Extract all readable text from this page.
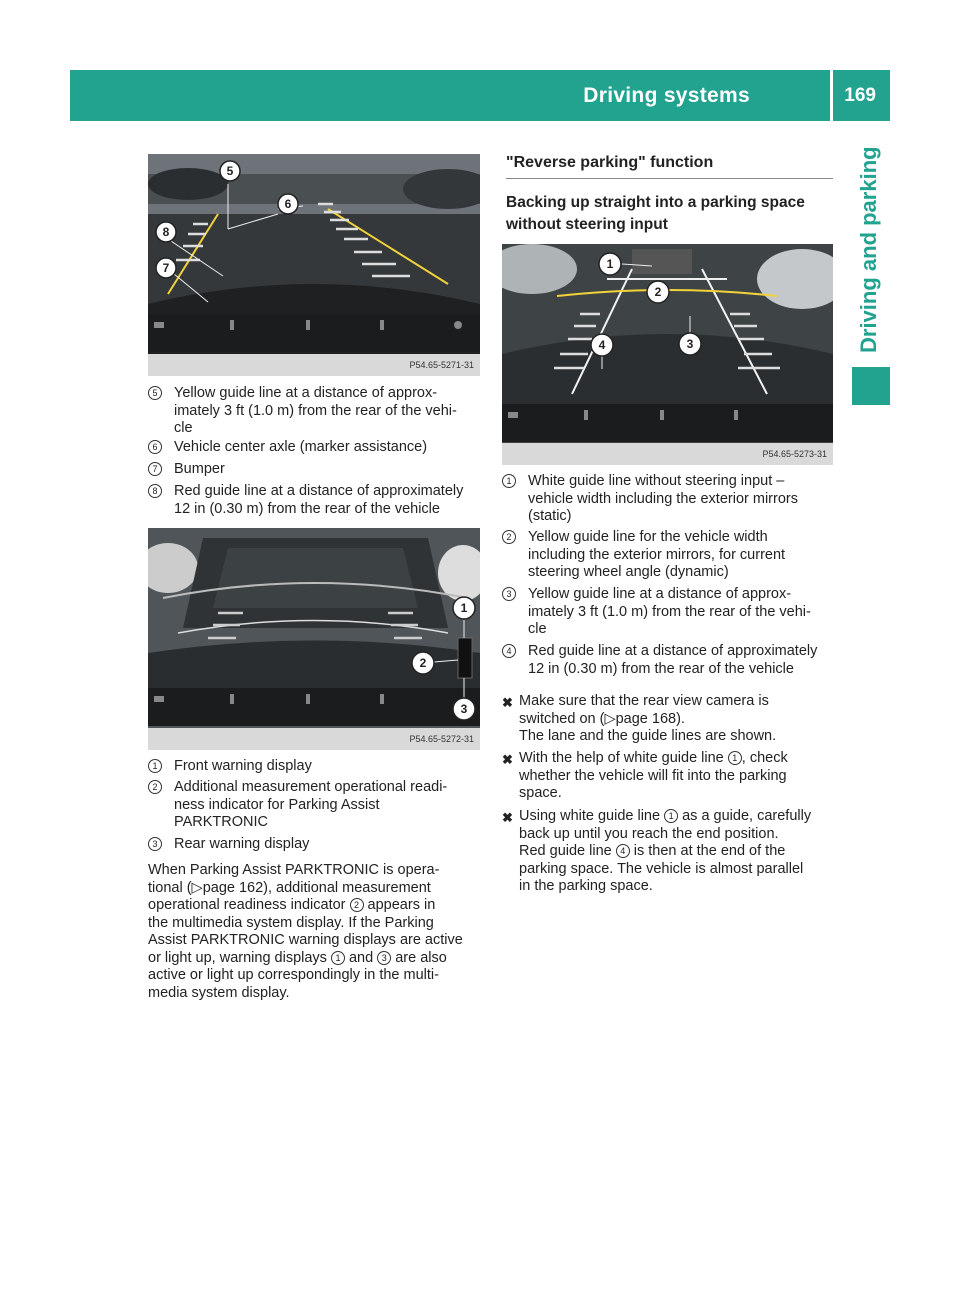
Driving systems	169
Driving and parking
5
6
8
7
P54.65-5271-31
5	Yellow guide line at a distance of approx-
imately 3 ft (1.0 m) from the rear of the vehi-
cle
6	Vehicle center axle (marker assistance)
7	Bumper
8	Red guide line at a distance of approximately
12 in (0.30 m) from the rear of the vehicle
1
2
3
P54.65-5272-31
1	Front warning display
2	Additional measurement operational readi-
ness indicator for Parking Assist
PARKTRONIC
3	Rear warning display
When Parking Assist PARKTRONIC is opera-
tional (▷page 162), additional measurement
operational readiness indicator 2 appears in
the multimedia system display. If the Parking
Assist PARKTRONIC warning displays are active
or light up, warning displays 1 and 3 are also
active or light up correspondingly in the multi-
media system display.
"Reverse parking" function
Backing up straight into a parking space
without steering input
1
2
4	3
P54.65-5273-31
1	White guide line without steering input –
vehicle width including the exterior mirrors
(static)
2	Yellow guide line for the vehicle width
including the exterior mirrors, for current
steering wheel angle (dynamic)
3	Yellow guide line at a distance of approx-
imately 3 ft (1.0 m) from the rear of the vehi-
cle
4	Red guide line at a distance of approximately
12 in (0.30 m) from the rear of the vehicle
✖ Make sure that the rear view camera is
switched on (▷page 168).
The lane and the guide lines are shown.
✖ With the help of white guide line 1 , check
whether the vehicle will fit into the parking
space.
✖ Using white guide line 1 as a guide, carefully
back up until you reach the end position.
Red guide line 4 is then at the end of the
parking space. The vehicle is almost parallel
in the parking space.
